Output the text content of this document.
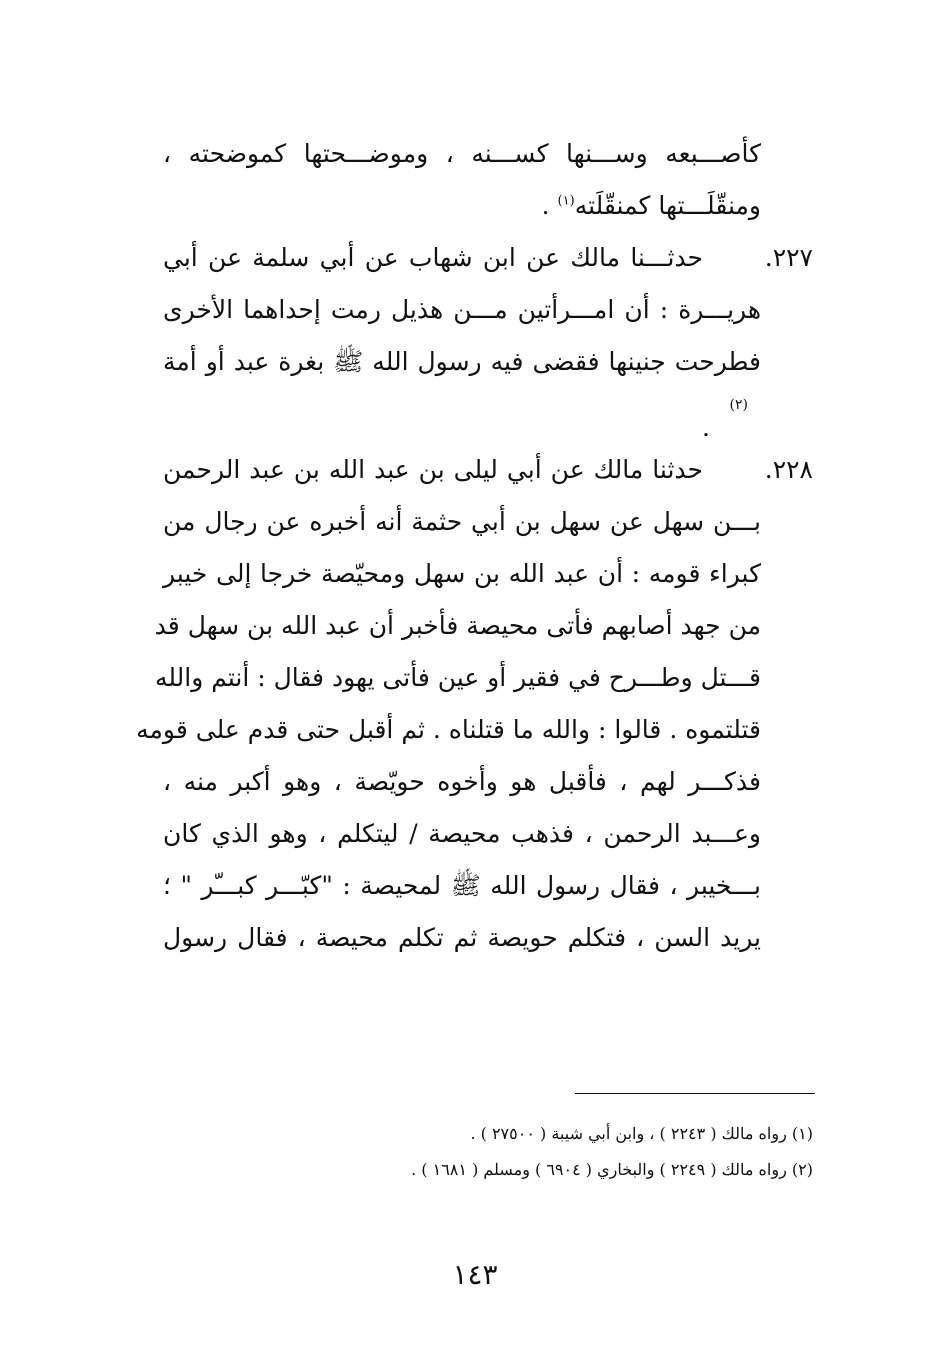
كأصـــبعه وســـنها كســـنه ، وموضـــحتها كموضحته ،
ومنقّلَـــتها كمنقّلَته$^{(١)}$ .
٢٢٧.حدثـــنا مالك عن ابن شهاب عن أبي سلمة عن أبي
هريـــرة : أن امـــرأتين مـــن هذيل رمت إحداهما الأخرى
فطرحت جنينها فقضى فيه رسول الله ﷺ بغرة عبد أو أمة
(٢)
.
٢٢٨.حدثنا مالك عن أبي ليلى بن عبد الله بن عبد الرحمن
بـــن سهل عن سهل بن أبي حثمة أنه أخبره عن رجال من
كبراء قومه : أن عبد الله بن سهل ومحيّصة خرجا إلى خيبر
من جهد أصابهم فأتى محيصة فأخبر أن عبد الله بن سهل قد
قـــتل وطـــرح في فقير أو عين فأتى يهود فقال : أنتم والله
قتلتموه . قالوا : والله ما قتلناه . ثم أقبل حتى قدم على قومه
فذكـــر لهم ، فأقبل هو وأخوه حويّصة ، وهو أكبر منه ،
وعـــبد الرحمن ، فذهب محيصة / ليتكلم ، وهو الذي كان
بـــخيبر ، فقال رسول الله ﷺ لمحيصة : "كبّـــر كبـــّر " ؛
يريد السن ، فتكلم حويصة ثم تكلم محيصة ، فقال رسول
(١) رواه مالك ( ٢٢٤٣ ) ، وابن أبي شيبة ( ٢٧٥٠٠ ) .
(٢) رواه مالك ( ٢٢٤٩ ) والبخاري ( ٦٩٠٤ ) ومسلم ( ١٦٨١ ) .
١٤٣
